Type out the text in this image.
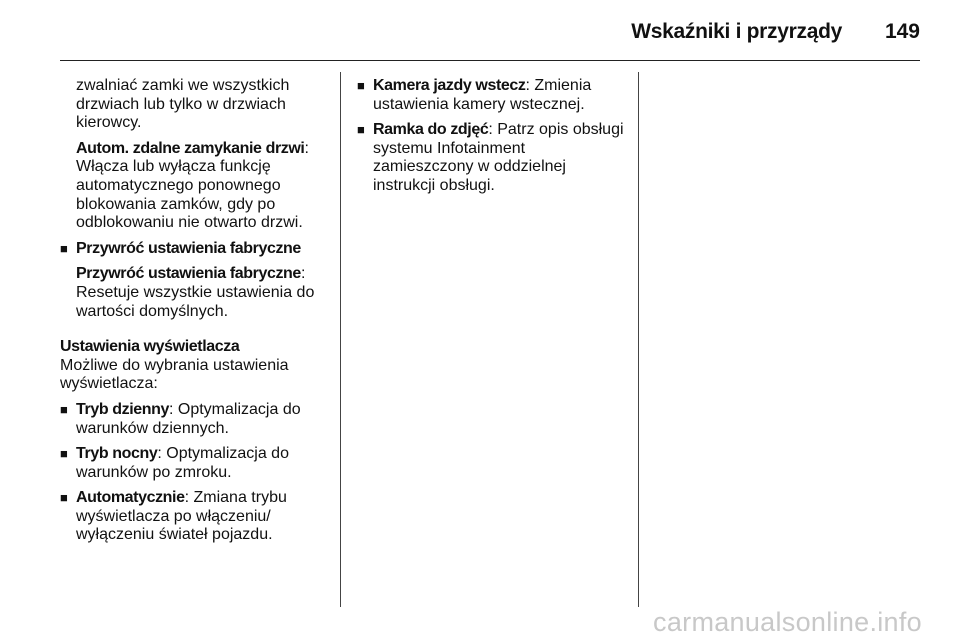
Wskaźniki i przyrządy 149

zwalniać zamki we wszystkich
drzwiach lub tylko w drzwiach
kierowcy.

Autom. zdalne zamykanie drzwi:
Włącza lub wyłącza funkcję
automatycznego ponownego
blokowania zamków, gdy po
odblokowaniu nie otwarto drzwi.

■ Przywróć ustawienia fabryczne

Przywróć ustawienia fabryczne:
Resetuje wszystkie ustawienia do
wartości domyślnych.

Ustawienia wyświetlacza

Możliwe do wybrania ustawienia
wyświetlacza:

■ Tryb dzienny: Optymalizacja do
warunków dziennych.
■ Tryb nocny: Optymalizacja do
warunków po zmroku.
■ Automatycznie: Zmiana trybu
wyświetlacza po włączeniu/
wyłączeniu świateł pojazdu.
■ Kamera jazdy wstecz: Zmienia
ustawienia kamery wstecznej.
■ Ramka do zdjęć: Patrz opis obsługi
systemu Infotainment
zamieszczony w oddzielnej
instrukcji obsługi.
carmanualsonline.info
